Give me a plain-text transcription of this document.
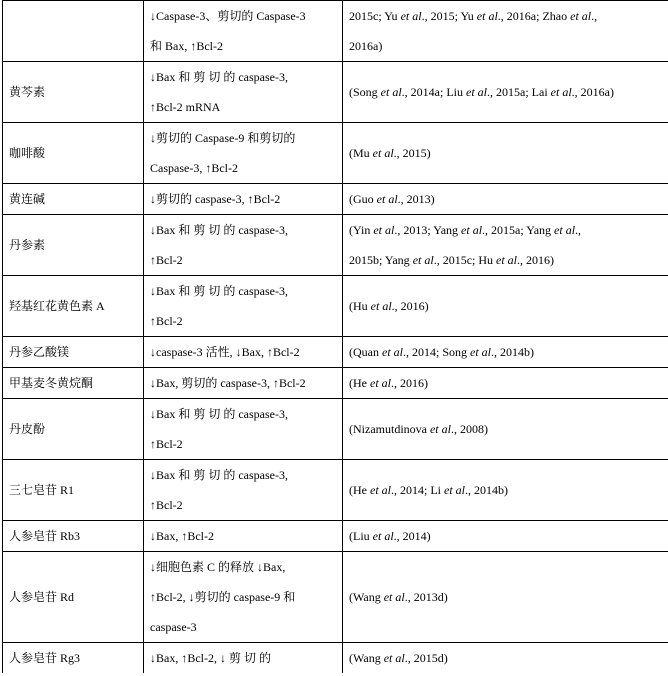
	↓Caspase-3、剪切的 Caspase-3
和 Bax, ↑Bcl-2	2015c; Yu et al., 2015; Yu et al., 2016a; Zhao et al.,
2016a)

黄芩素	↓Bax 和 剪 切 的 caspase-3,
↑Bcl-2 mRNA	(Song et al., 2014a; Liu et al., 2015a; Lai et al., 2016a)

咖啡酸	↓剪切的 Caspase-9 和剪切的
Caspase-3, ↑Bcl-2	(Mu et al., 2015)

黄连碱	↓剪切的 caspase-3, ↑Bcl-2	(Guo et al., 2013)

丹参素	↓Bax 和 剪 切 的 caspase-3,
↑Bcl-2	(Yin et al., 2013; Yang et al., 2015a; Yang et al.,
2015b; Yang et al., 2015c; Hu et al., 2016)

羟基红花黄色素 A	↓Bax 和 剪 切 的 caspase-3,
↑Bcl-2	(Hu et al., 2016)

丹参乙酸镁	↓caspase-3 活性, ↓Bax, ↑Bcl-2	(Quan et al., 2014; Song et al., 2014b)

甲基麦冬黄烷酮	↓Bax, 剪切的 caspase-3, ↑Bcl-2	(He et al., 2016)

丹皮酚	↓Bax 和 剪 切 的 caspase-3,
↑Bcl-2	(Nizamutdinova et al., 2008)

三七皂苷 R1	↓Bax 和 剪 切 的 caspase-3,
↑Bcl-2	(He et al., 2014; Li et al., 2014b)

人参皂苷 Rb3	↓Bax, ↑Bcl-2	(Liu et al., 2014)

人参皂苷 Rd	↓细胞色素 C 的释放 ↓Bax,
↑Bcl-2, ↓剪切的 caspase-9 和
caspase-3	(Wang et al., 2013d)

人参皂苷 Rg3	↓Bax, ↑Bcl-2, ↓ 剪 切 的	(Wang et al., 2015d)
